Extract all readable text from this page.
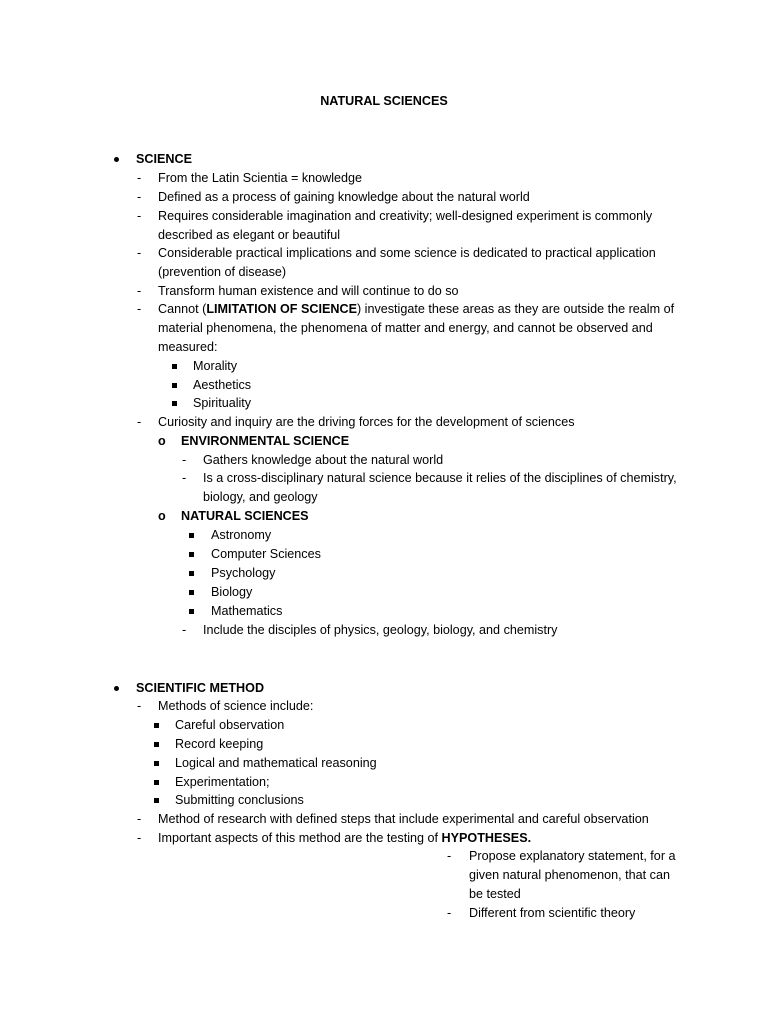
NATURAL SCIENCES
SCIENCE
- From the Latin Scientia = knowledge
- Defined as a process of gaining knowledge about the natural world
- Requires considerable imagination and creativity; well-designed experiment is commonly
described as elegant or beautiful
- Considerable practical implications and some science is dedicated to practical application
(prevention of disease)
- Transform human existence and will continue to do so
- Cannot (LIMITATION OF SCIENCE) investigate these areas as they are outside the realm of
material phenomena, the phenomena of matter and energy, and cannot be observed and
measured:
Morality
Aesthetics
Spirituality
- Curiosity and inquiry are the driving forces for the development of sciences
o ENVIRONMENTAL SCIENCE
- Gathers knowledge about the natural world
- Is a cross-disciplinary natural science because it relies of the disciplines of chemistry,
biology, and geology
o NATURAL SCIENCES
Astronomy
Computer Sciences
Psychology
Biology
Mathematics
- Include the disciples of physics, geology, biology, and chemistry
SCIENTIFIC METHOD
- Methods of science include:
Careful observation
Record keeping
Logical and mathematical reasoning
Experimentation;
Submitting conclusions
- Method of research with defined steps that include experimental and careful observation
- Important aspects of this method are the testing of HYPOTHESES.
- Propose explanatory statement, for a
given natural phenomenon, that can
be tested
- Different from scientific theory
